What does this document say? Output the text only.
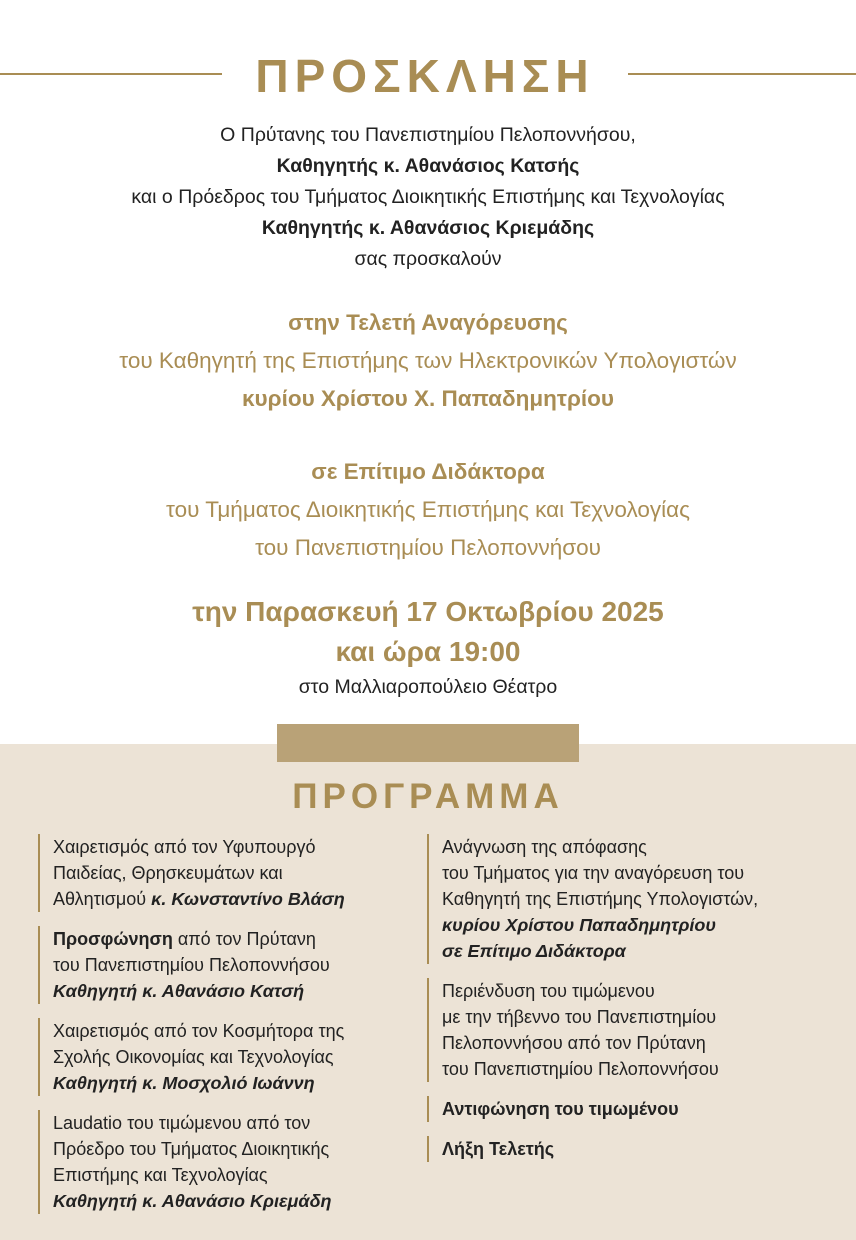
ΠΡΟΣΚΛΗΣΗ
Ο Πρύτανης του Πανεπιστημίου Πελοποννήσου,
Καθηγητής κ. Αθανάσιος Κατσής
και ο Πρόεδρος του Τμήματος Διοικητικής Επιστήμης και Τεχνολογίας
Καθηγητής κ. Αθανάσιος Κριεμάδης
σας προσκαλούν
στην Τελετή Αναγόρευσης
του Καθηγητή της Επιστήμης των Ηλεκτρονικών Υπολογιστών
κυρίου Χρίστου Χ. Παπαδημητρίου
σε Επίτιμο Διδάκτορα
του Τμήματος Διοικητικής Επιστήμης και Τεχνολογίας
του Πανεπιστημίου Πελοποννήσου
την Παρασκευή 17 Οκτωβρίου 2025
και ώρα 19:00
στο Μαλλιαροπούλειο Θέατρο
ΠΡΟΓΡΑΜΜΑ
Χαιρετισμός από τον Υφυπουργό
Παιδείας, Θρησκευμάτων και
Αθλητισμού κ. Κωνσταντίνο Βλάση
Προσφώνηση από τον Πρύτανη
του Πανεπιστημίου Πελοποννήσου
Καθηγητή κ. Αθανάσιο Κατσή
Χαιρετισμός από τον Κοσμήτορα της
Σχολής Οικονομίας και Τεχνολογίας
Καθηγητή κ. Μοσχολιό Ιωάννη
Laudatio του τιμώμενου από τον
Πρόεδρο του Τμήματος Διοικητικής
Επιστήμης και Τεχνολογίας
Καθηγητή κ. Αθανάσιο Κριεμάδη
Ανάγνωση της απόφασης
του Τμήματος για την αναγόρευση του
Καθηγητή της Επιστήμης Υπολογιστών,
κυρίου Χρίστου Παπαδημητρίου
σε Επίτιμο Διδάκτορα
Περιένδυση του τιμώμενου
με την τήβεννο του Πανεπιστημίου
Πελοποννήσου από τον Πρύτανη
του Πανεπιστημίου Πελοποννήσου
Αντιφώνηση του τιμωμένου
Λήξη Τελετής
